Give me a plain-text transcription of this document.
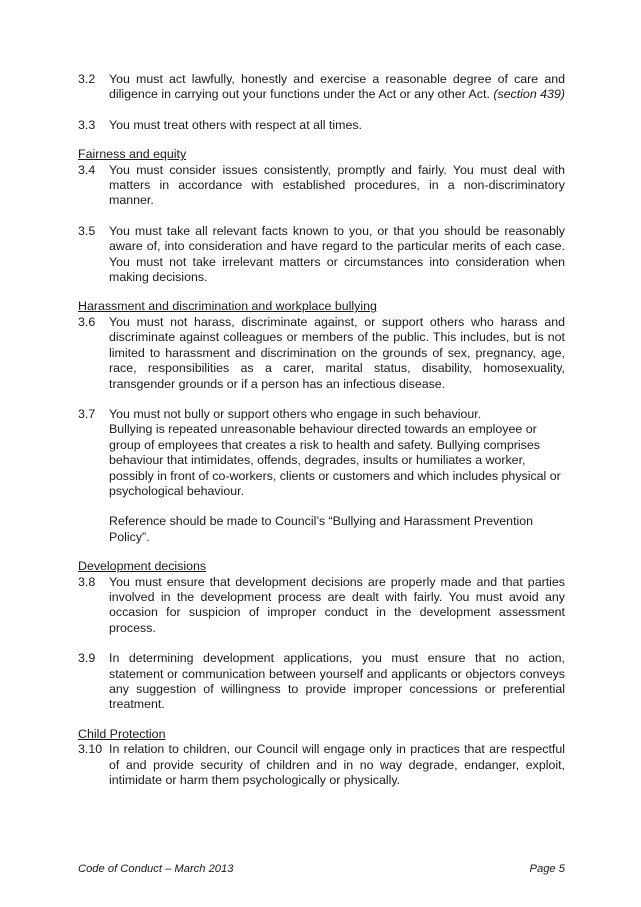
3.2	You must act lawfully, honestly and exercise a reasonable degree of care and diligence in carrying out your functions under the Act or any other Act. (section 439)

3.3	You must treat others with respect at all times.

Fairness and equity

3.4	You must consider issues consistently, promptly and fairly. You must deal with matters in accordance with established procedures, in a non-discriminatory manner.

3.5	You must take all relevant facts known to you, or that you should be reasonably aware of, into consideration and have regard to the particular merits of each case. You must not take irrelevant matters or circumstances into consideration when making decisions.

Harassment and discrimination and workplace bullying

3.6	You must not harass, discriminate against, or support others who harass and discriminate against colleagues or members of the public. This includes, but is not limited to harassment and discrimination on the grounds of sex, pregnancy, age, race, responsibilities as a carer, marital status, disability, homosexuality, transgender grounds or if a person has an infectious disease.

3.7	You must not bully or support others who engage in such behaviour.
Bullying is repeated unreasonable behaviour directed towards an employee or group of employees that creates a risk to health and safety. Bullying comprises behaviour that intimidates, offends, degrades, insults or humiliates a worker, possibly in front of co-workers, clients or customers and which includes physical or psychological behaviour.

Reference should be made to Council’s “Bullying and Harassment Prevention Policy”.

Development decisions

3.8	You must ensure that development decisions are properly made and that parties involved in the development process are dealt with fairly. You must avoid any occasion for suspicion of improper conduct in the development assessment process.

3.9	In determining development applications, you must ensure that no action, statement or communication between yourself and applicants or objectors conveys any suggestion of willingness to provide improper concessions or preferential treatment.

Child Protection

3.10 In relation to children, our Council will engage only in practices that are respectful of and provide security of children and in no way degrade, endanger, exploit, intimidate or harm them psychologically or physically.

Code of Conduct – March 2013	Page 5
